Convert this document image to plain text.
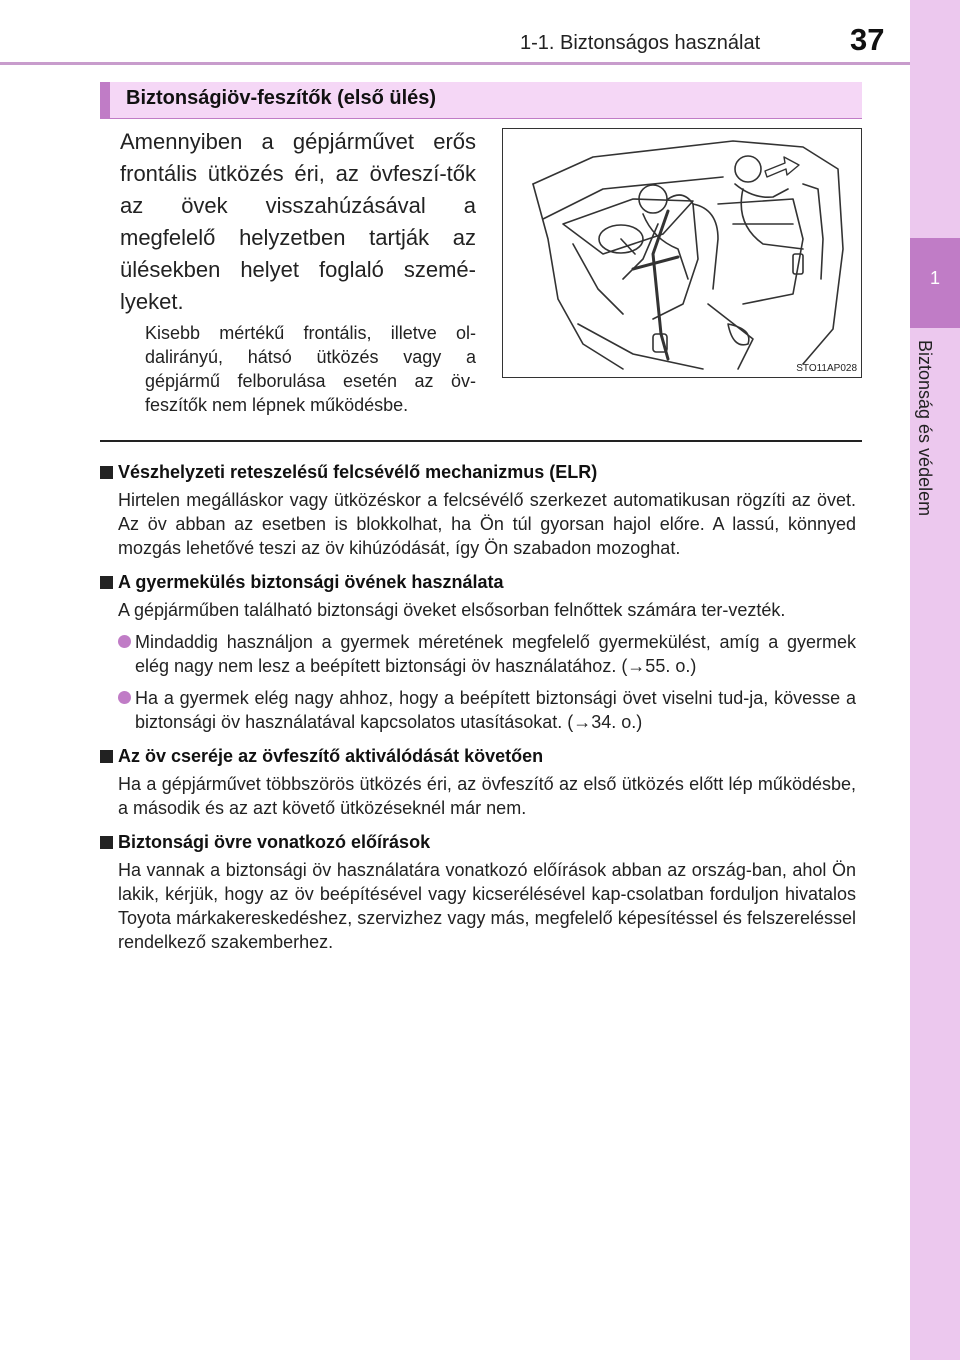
1-1. Biztonságos használat	37
1
Biztonság és védelem
Biztonságiöv-feszítők (első ülés)
Amennyiben a gépjárművet erős frontális ütközés éri, az övfeszí-tők az övek visszahúzásával a megfelelő helyzetben tartják az ülésekben helyet foglaló szemé-lyeket.
Kisebb mértékű frontális, illetve ol-dalirányú, hátsó ütközés vagy a gépjármű felborulása esetén az öv-feszítők nem lépnek működésbe.
STO11AP028
Vészhelyzeti reteszelésű felcsévélő mechanizmus (ELR)
Hirtelen megálláskor vagy ütközéskor a felcsévélő szerkezet automatikusan rögzíti az övet. Az öv abban az esetben is blokkolhat, ha Ön túl gyorsan hajol előre. A lassú, könnyed mozgás lehetővé teszi az öv kihúzódását, így Ön szabadon mozoghat.
A gyermekülés biztonsági övének használata
A gépjárműben található biztonsági öveket elsősorban felnőttek számára ter-vezték.
Mindaddig használjon a gyermek méretének megfelelő gyermekülést, amíg a gyermek elég nagy nem lesz a beépített biztonsági öv használatához. (→55. o.)
Ha a gyermek elég nagy ahhoz, hogy a beépített biztonsági övet viselni tud-ja, kövesse a biztonsági öv használatával kapcsolatos utasításokat. (→34. o.)
Az öv cseréje az övfeszítő aktiválódását követően
Ha a gépjárművet többszörös ütközés éri, az övfeszítő az első ütközés előtt lép működésbe, a második és az azt követő ütközéseknél már nem.
Biztonsági övre vonatkozó előírások
Ha vannak a biztonsági öv használatára vonatkozó előírások abban az ország-ban, ahol Ön lakik, kérjük, hogy az öv beépítésével vagy kicserélésével kap-csolatban forduljon hivatalos Toyota márkakereskedéshez, szervizhez vagy más, megfelelő képesítéssel és felszereléssel rendelkező szakemberhez.
